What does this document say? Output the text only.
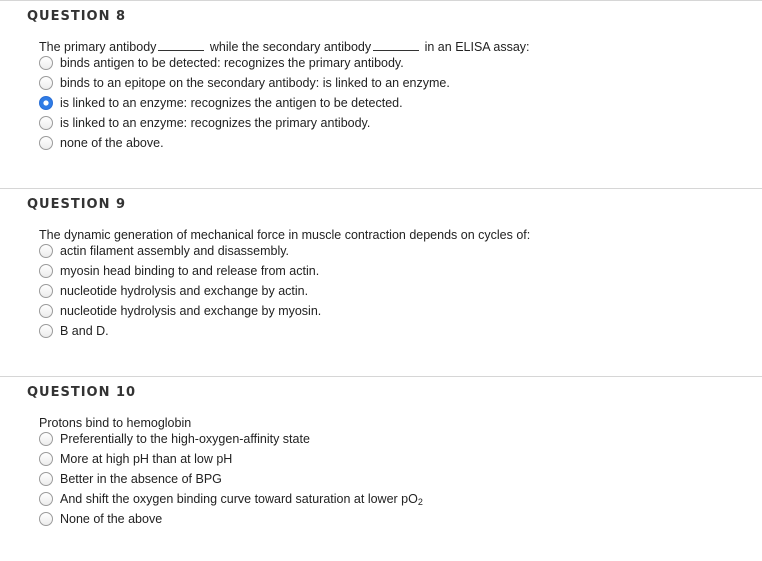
QUESTION 8
The primary antibody	while the secondary antibody	in an ELISA assay:
binds antigen to be detected: recognizes the primary antibody.
binds to an epitope on the secondary antibody: is linked to an enzyme.
is linked to an enzyme: recognizes the antigen to be detected.
is linked to an enzyme: recognizes the primary antibody.
none of the above.
QUESTION 9
The dynamic generation of mechanical force in muscle contraction depends on cycles of:
actin filament assembly and disassembly.
myosin head binding to and release from actin.
nucleotide hydrolysis and exchange by actin.
nucleotide hydrolysis and exchange by myosin.
B and D.
QUESTION 10
Protons bind to hemoglobin
Preferentially to the high-oxygen-affinity state
More at high pH than at low pH
Better in the absence of BPG
And shift the oxygen binding curve toward saturation at lower $pO_2$
None of the above
